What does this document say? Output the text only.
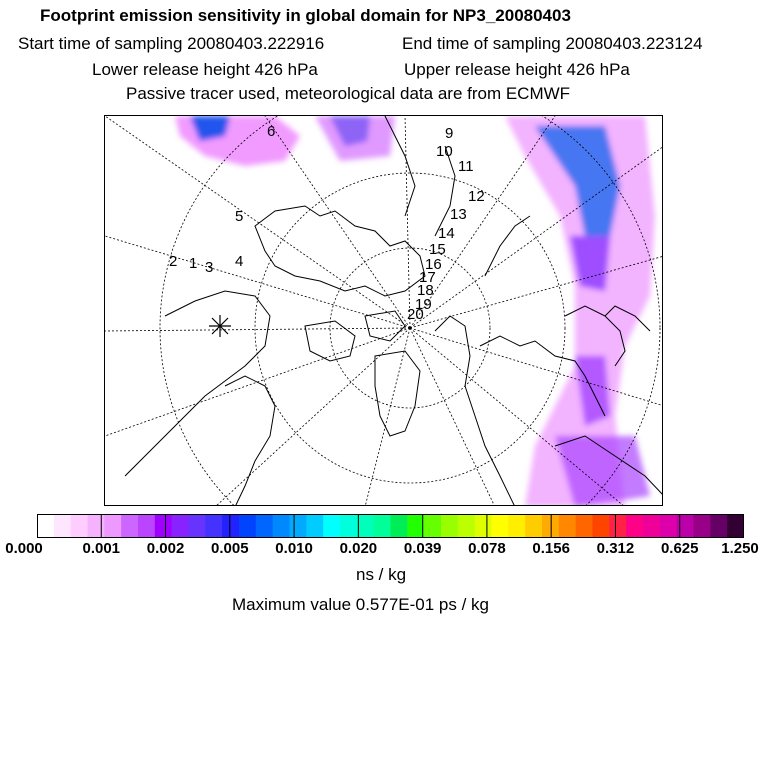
Footprint emission sensitivity in global domain for NP3_20080403
Start time of sampling 20080403.222916	End time of sampling 20080403.223124
Lower release height 426 hPa	Upper release height 426 hPa
Passive tracer used, meteorological data are from ECMWF
1
2 3 4
5
6	9
10
11
12
13
14
15
16
17
18
19
20
0.000	0.001 0.002 0.005 0.010 0.020 0.039 0.078 0.156 0.312 0.625 1.250
ns / kg
Maximum value 0.577E-01 ps / kg
